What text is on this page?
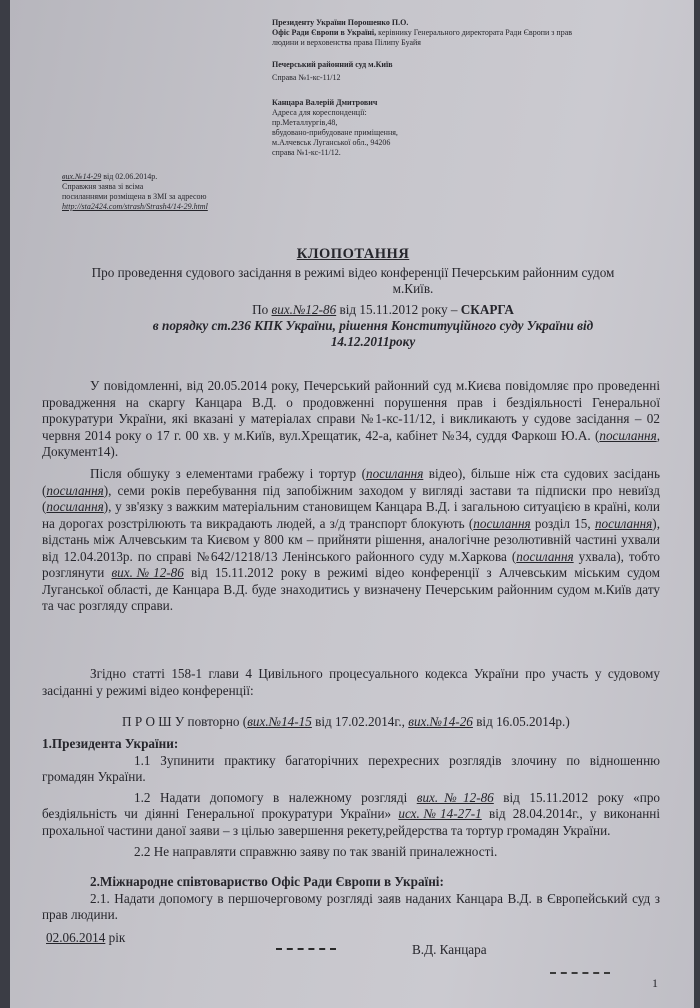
Президенту України Порошенко П.О.
Офіс Ради Європи в Україні, керівнику Генерального директората Ради Європи з прав
людини и верховенства права Пілипу Буайя
Печерський районний суд м.Київ
Справа №1-кс-11/12
Канцара Валерій Дмитрович
Адреса для кореспонденції:
пр.Металлургів,48,
вбудовано-прибудоване приміщення,
м.Алчевськ Луганської обл., 94206
справа №1-кс-11/12.
вих.№14-29 від 02.06.2014р.
Справжня заява зі всіма
посиланнями розміщена в ЗМІ за адресою
http://sta2424.com/strash/Strash4/14-29.html
КЛОПОТАННЯ
Про проведення судового засідання в режимі відео конференції Печерським районним судом
м.Київ.
По вих.№12-86 від 15.11.2012 року – СКАРГА
в порядку ст.236 КПК України, рішення Конституційного суду України від
14.12.2011року

У повідомленні, від 20.05.2014 року, Печерський районний суд м.Києва повідомляє про проведенні провадження на скаргу Канцара В.Д. о продовженні порушення прав і бездіяльності Генеральної прокуратури України, які вказані у матеріалах справи №1-кс-11/12, і викликають у судове засідання – 02 червня 2014 року о 17 г. 00 хв. у м.Київ, вул.Хрещатик, 42-а, кабінет №34, суддя Фаркош Ю.А. (посилання, Документ14).

Після обшуку з елементами грабежу і тортур (посилання відео), більше ніж ста судових засідань (посилання), семи років перебування під запобіжним заходом у вигляді застави та підписки про невиїзд (посилання), у зв'язку з важким матеріальним становищем Канцара В.Д. і загальною ситуацією в країні, коли на дорогах розстрілюють та викрадають людей, а з/д транспорт блокують (посилання розділ 15, посилання), відстань між Алчевським та Києвом у 800 км – прийняти рішення, аналогічне резолютивній частині ухвали від 12.04.2013р. по справі №642/1218/13 Ленінського районного суду м.Харкова (посилання ухвала), тобто розглянути вих.№12-86 від 15.11.2012 року в режимі відео конференції з Алчевським міським судом Луганської області, де Канцара В.Д. буде знаходитись у визначену Печерським районним судом м.Київ дату та час розгляду справи.

Згідно статті 158-1 глави 4 Цивільного процесуального кодекса України про участь у судовому засіданні у режимі відео конференції:

П Р О Ш У повторно (вих.№14-15 від 17.02.2014г., вих.№14-26 від 16.05.2014р.)

1.Президента України:

1.1 Зупинити практику багаторічних перехресних розглядів злочину по відношенню громадян України.

1.2 Надати допомогу в належному розгляді вих.№12-86 від 15.11.2012 року «про бездіяльність чи діянні Генеральної прокуратури України» исх.№14-27-1 від 28.04.2014г., у виконанні прохальної частини даної заяви – з цілью завершення рекету,рейдерства та тортур громадян України.

2.2 Не направляти справжню заяву по так званій приналежності.

2.Міжнародне співтовариство Офіс Ради Європи в Україні:

2.1. Надати допомогу в першочерговому розгляді заяв наданих Канцара В.Д. в Європейський суд з прав людини.

02.06.2014 рік
В.Д. Канцара
1
